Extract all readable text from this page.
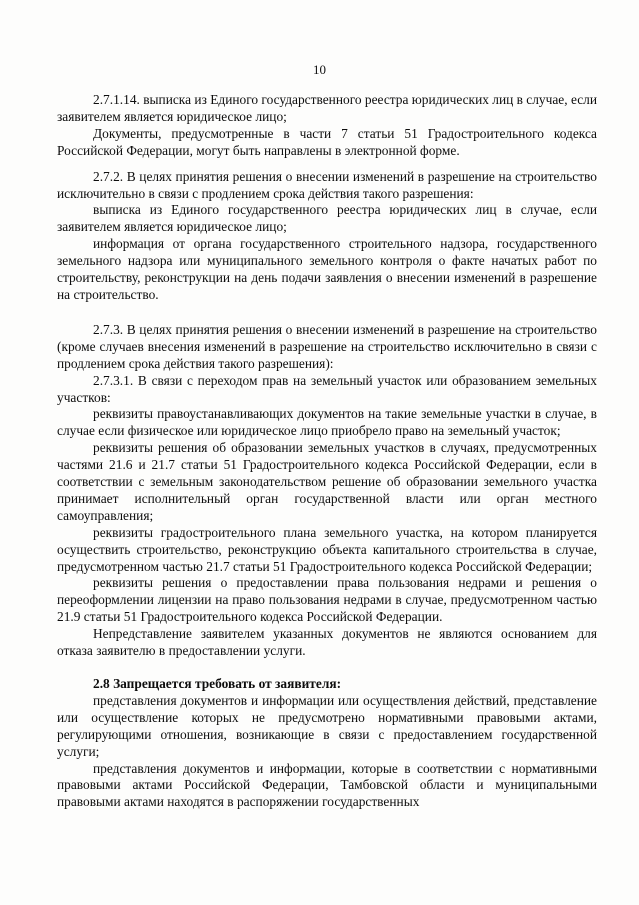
10

2.7.1.14. выписка из Единого государственного реестра юридических лиц в случае, если заявителем является юридическое лицо;

Документы, предусмотренные в части 7 статьи 51 Градостроительного кодекса Российской Федерации, могут быть направлены в электронной форме.

2.7.2. В целях принятия решения о внесении изменений в разрешение на строительство исключительно в связи с продлением срока действия такого разрешения:

выписка из Единого государственного реестра юридических лиц в случае, если заявителем является юридическое лицо;

информация от органа государственного строительного надзора, государственного земельного надзора или муниципального земельного контроля о факте начатых работ по строительству, реконструкции на день подачи заявления о внесении изменений в разрешение на строительство.

2.7.3. В целях принятия решения о внесении изменений в разрешение на строительство (кроме случаев внесения изменений в разрешение на строительство исключительно в связи с продлением срока действия такого разрешения):

2.7.3.1. В связи с переходом прав на земельный участок или образованием земельных участков:

реквизиты правоустанавливающих документов на такие земельные участки в случае, в случае если физическое или юридическое лицо приобрело право на земельный участок;

реквизиты решения об образовании земельных участков в случаях, предусмотренных частями 21.6 и 21.7 статьи 51 Градостроительного кодекса Российской Федерации, если в соответствии с земельным законодательством решение об образовании земельного участка принимает исполнительный орган государственной власти или орган местного самоуправления;

реквизиты градостроительного плана земельного участка, на котором планируется осуществить строительство, реконструкцию объекта капитального строительства в случае, предусмотренном частью 21.7 статьи 51 Градостроительного кодекса Российской Федерации;

реквизиты решения о предоставлении права пользования недрами и решения о переоформлении лицензии на право пользования недрами в случае, предусмотренном частью 21.9 статьи 51 Градостроительного кодекса Российской Федерации.

Непредставление заявителем указанных документов не являются основанием для отказа заявителю в предоставлении услуги.

2.8 Запрещается требовать от заявителя:

представления документов и информации или осуществления действий, представление или осуществление которых не предусмотрено нормативными правовыми актами, регулирующими отношения, возникающие в связи с предоставлением государственной услуги;

представления документов и информации, которые в соответствии с нормативными правовыми актами Российской Федерации, Тамбовской области и муниципальными правовыми актами находятся в распоряжении государственных
